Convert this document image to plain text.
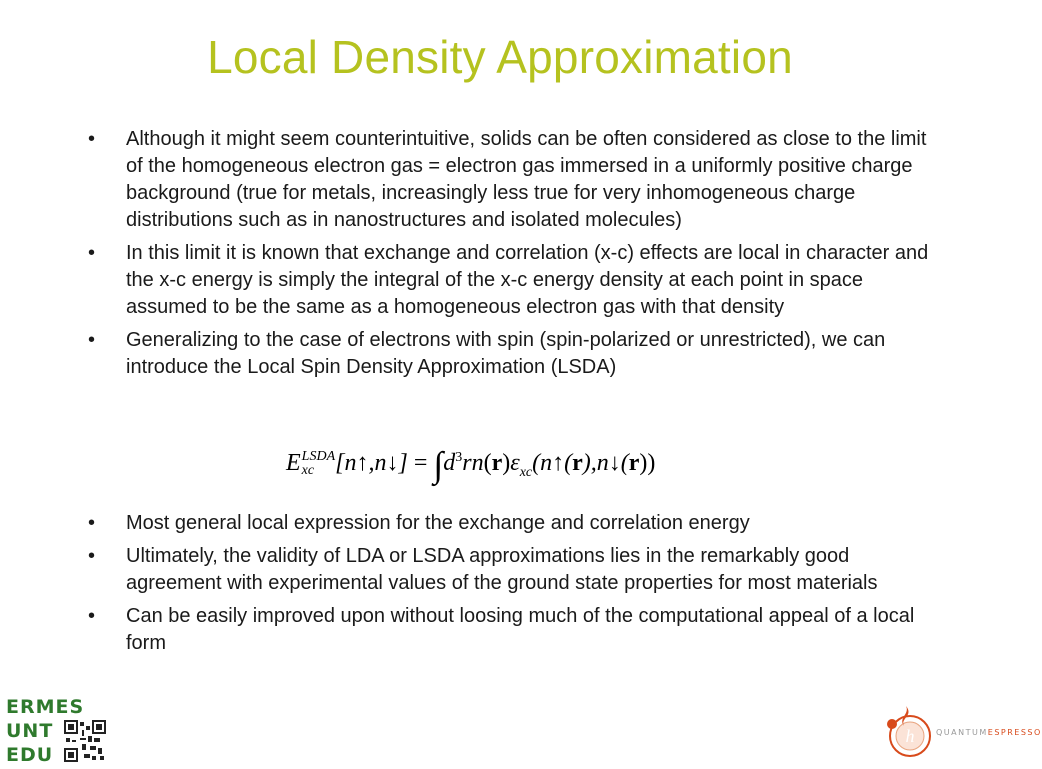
Local Density Approximation
•	Although it might seem counterintuitive, solids can be often considered as close to the limit of the homogeneous electron gas = electron gas immersed in a uniformly positive charge background (true for metals, increasingly less true for very inhomogeneous charge distributions such as in nanostructures and isolated molecules)
•	In this limit it is known that exchange and correlation (x-c) effects are local in character and the x-c energy is simply the integral of the x-c energy density at each point in space assumed to be the same as a homogeneous electron gas with that density
•	Generalizing to the case of electrons with spin (spin-polarized or unrestricted), we can introduce the Local Spin Density Approximation (LSDA)
ELSDA
xc [n↑,n↓] = $\int d^3rn(r)\varepsilon_{xc}(n↑(r),n↓(r))$
•	Most general local expression for the exchange and correlation energy
•	Ultimately, the validity of LDA or LSDA approximations lies in the remarkably good agreement with experimental values of the ground state properties for most materials
•	Can be easily improved upon without loosing much of the computational appeal of a local form
ERMES
UNT
EDU
h	QUANTUMESPRESSO
